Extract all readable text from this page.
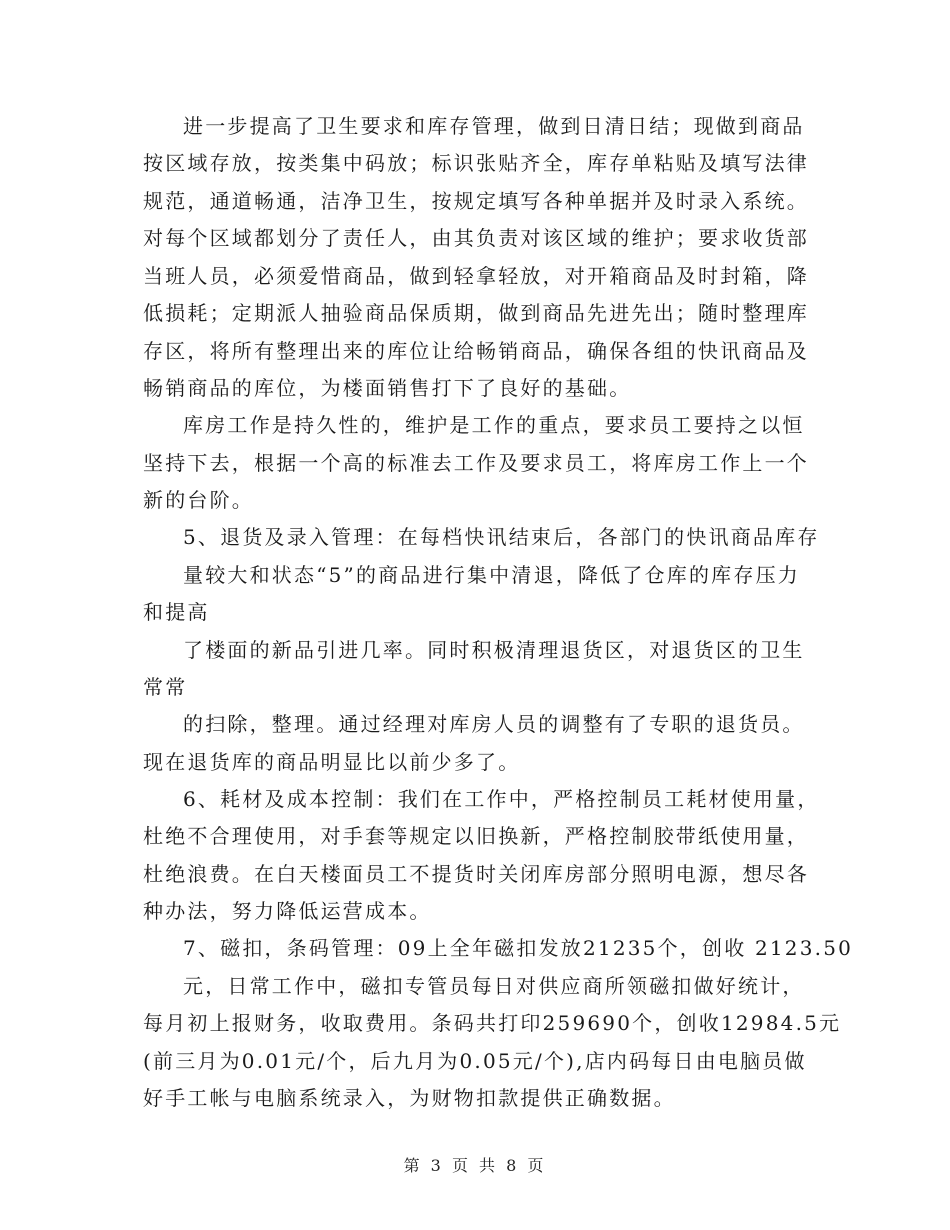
进一步提高了卫生要求和库存管理，做到日清日结；现做到商品
按区域存放，按类集中码放；标识张贴齐全，库存单粘贴及填写法律
规范，通道畅通，洁净卫生，按规定填写各种单据并及时录入系统。
对每个区域都划分了责任人，由其负责对该区域的维护；要求收货部
当班人员，必须爱惜商品，做到轻拿轻放，对开箱商品及时封箱，降
低损耗；定期派人抽验商品保质期，做到商品先进先出；随时整理库
存区，将所有整理出来的库位让给畅销商品，确保各组的快讯商品及
畅销商品的库位，为楼面销售打下了良好的基础。
库房工作是持久性的，维护是工作的重点，要求员工要持之以恒
坚持下去，根据一个高的标准去工作及要求员工，将库房工作上一个
新的台阶。
5、退货及录入管理：在每档快讯结束后，各部门的快讯商品库存
量较大和状态“5”的商品进行集中清退，降低了仓库的库存压力
和提高
了楼面的新品引进几率。同时积极清理退货区，对退货区的卫生
常常
的扫除，整理。通过经理对库房人员的调整有了专职的退货员。
现在退货库的商品明显比以前少多了。
6、耗材及成本控制：我们在工作中，严格控制员工耗材使用量，
杜绝不合理使用，对手套等规定以旧换新，严格控制胶带纸使用量，
杜绝浪费。在白天楼面员工不提货时关闭库房部分照明电源，想尽各
种办法，努力降低运营成本。
7、磁扣，条码管理：09上全年磁扣发放21235个，创收 2123.50
元，日常工作中，磁扣专管员每日对供应商所领磁扣做好统计，
每月初上报财务，收取费用。条码共打印259690个，创收12984.5元
(前三月为0.01元/个，后九月为0.05元/个),店内码每日由电脑员做
好手工帐与电脑系统录入，为财物扣款提供正确数据。
第 3 页 共 8 页
